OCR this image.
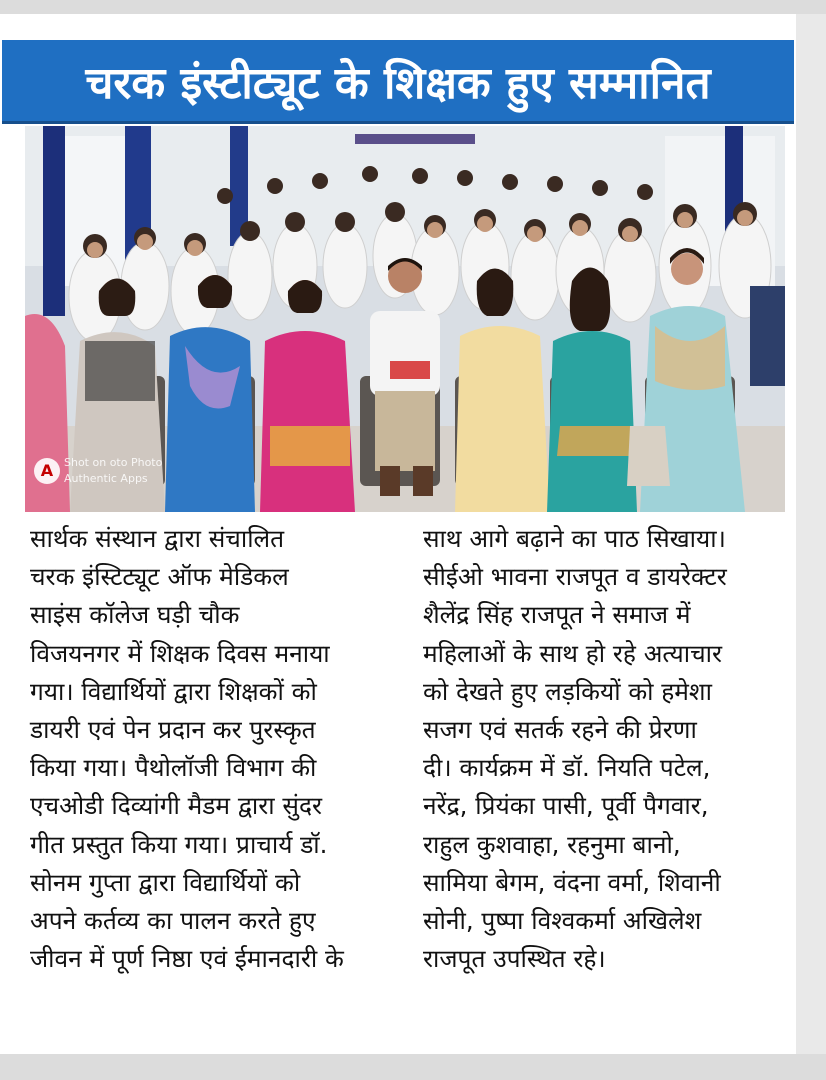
चरक इंस्टीट्यूट के शिक्षक हुए सम्मानित
A Shot on oto Photo
Authentic Apps
सार्थक संस्थान द्वारा संचालित
चरक इंस्टिट्यूट ऑफ मेडिकल
साइंस कॉलेज घड़ी चौक
विजयनगर में शिक्षक दिवस मनाया
गया। विद्यार्थियों द्वारा शिक्षकों को
डायरी एवं पेन प्रदान कर पुरस्कृत
किया गया। पैथोलॉजी विभाग की
एचओडी दिव्यांगी मैडम द्वारा सुंदर
गीत प्रस्तुत किया गया। प्राचार्य डॉ.
सोनम गुप्ता द्वारा विद्यार्थियों को
अपने कर्तव्य का पालन करते हुए
जीवन में पूर्ण निष्ठा एवं ईमानदारी के
साथ आगे बढ़ाने का पाठ सिखाया।
सीईओ भावना राजपूत व डायरेक्टर
शैलेंद्र सिंह राजपूत ने समाज में
महिलाओं के साथ हो रहे अत्याचार
को देखते हुए लड़कियों को हमेशा
सजग एवं सतर्क रहने की प्रेरणा
दी। कार्यक्रम में डॉ. नियति पटेल,
नरेंद्र, प्रियंका पासी, पूर्वी पैगवार,
राहुल कुशवाहा, रहनुमा बानो,
सामिया बेगम, वंदना वर्मा, शिवानी
सोनी, पुष्पा विश्वकर्मा अखिलेश
राजपूत उपस्थित रहे।
